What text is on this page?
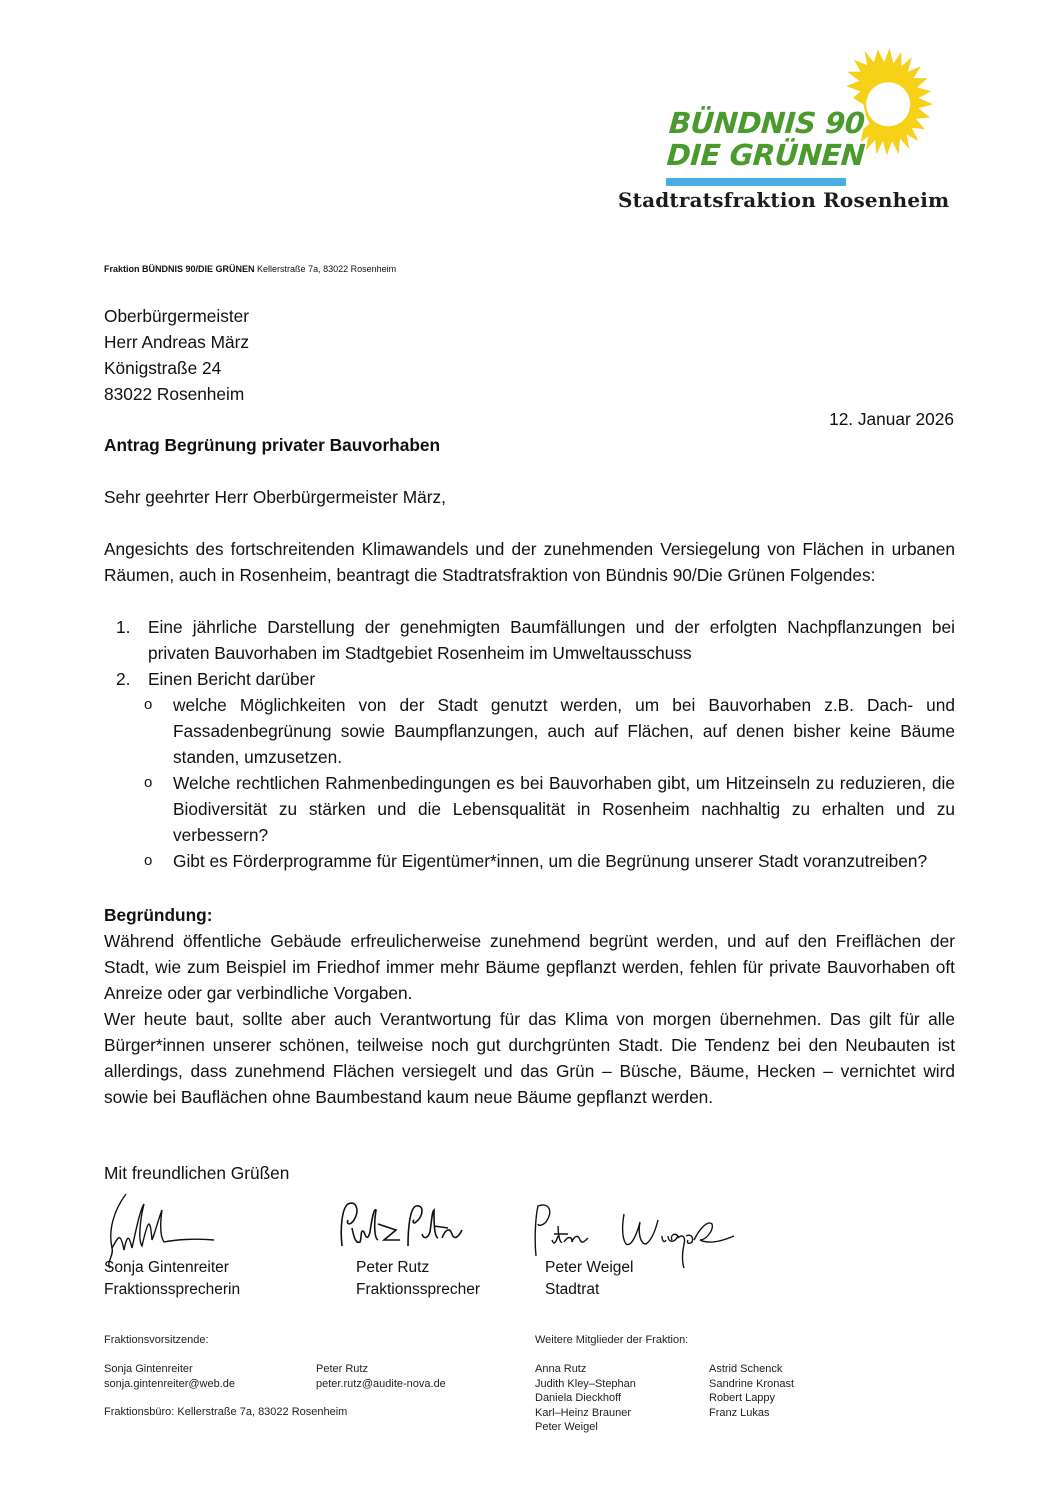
BÜNDNIS 90
DIE GRÜNEN
Stadtratsfraktion Rosenheim
Fraktion BÜNDNIS 90/DIE GRÜNEN Kellerstraße 7a, 83022 Rosenheim
Oberbürgermeister
Herr Andreas März
Königstraße 24
83022 Rosenheim
12. Januar 2026
Antrag Begrünung privater Bauvorhaben
Sehr geehrter Herr Oberbürgermeister März,
Angesichts des fortschreitenden Klimawandels und der zunehmenden Versiegelung von Flächen in urbanen Räumen, auch in Rosenheim, beantragt die Stadtratsfraktion von Bündnis 90/Die Grünen Folgendes:
1. Eine jährliche Darstellung der genehmigten Baumfällungen und der erfolgten Nachpflanzungen bei privaten Bauvorhaben im Stadtgebiet Rosenheim im Umweltausschuss
2. Einen Bericht darüber
o welche Möglichkeiten von der Stadt genutzt werden, um bei Bauvorhaben z.B. Dach- und Fassadenbegrünung sowie Baumpflanzungen, auch auf Flächen, auf denen bisher keine Bäume standen, umzusetzen.
o Welche rechtlichen Rahmenbedingungen es bei Bauvorhaben gibt, um Hitzeinseln zu reduzieren, die Biodiversität zu stärken und die Lebensqualität in Rosenheim nachhaltig zu erhalten und zu verbessern?
o Gibt es Förderprogramme für Eigentümer*innen, um die Begrünung unserer Stadt voranzutreiben?
Begründung:
Während öffentliche Gebäude erfreulicherweise zunehmend begrünt werden, und auf den Freiflächen der Stadt, wie zum Beispiel im Friedhof immer mehr Bäume gepflanzt werden, fehlen für private Bauvorhaben oft Anreize oder gar verbindliche Vorgaben.
Wer heute baut, sollte aber auch Verantwortung für das Klima von morgen übernehmen. Das gilt für alle Bürger*innen unserer schönen, teilweise noch gut durchgrünten Stadt. Die Tendenz bei den Neubauten ist allerdings, dass zunehmend Flächen versiegelt und das Grün – Büsche, Bäume, Hecken – vernichtet wird sowie bei Bauflächen ohne Baumbestand kaum neue Bäume gepflanzt werden.
Mit freundlichen Grüßen
Sonja Gintenreiter
Fraktionssprecherin
Peter Rutz
Fraktionssprecher
Peter Weigel
Stadtrat
Fraktionsvorsitzende:
Sonja Gintenreiter
sonja.gintenreiter@web.de
Peter Rutz
peter.rutz@audite-nova.de
Fraktionsbüro: Kellerstraße 7a, 83022 Rosenheim
Weitere Mitglieder der Fraktion:
Anna Rutz
Judith Kley–Stephan
Daniela Dieckhoff
Karl–Heinz Brauner
Peter Weigel
Astrid Schenck
Sandrine Kronast
Robert Lappy
Franz Lukas
